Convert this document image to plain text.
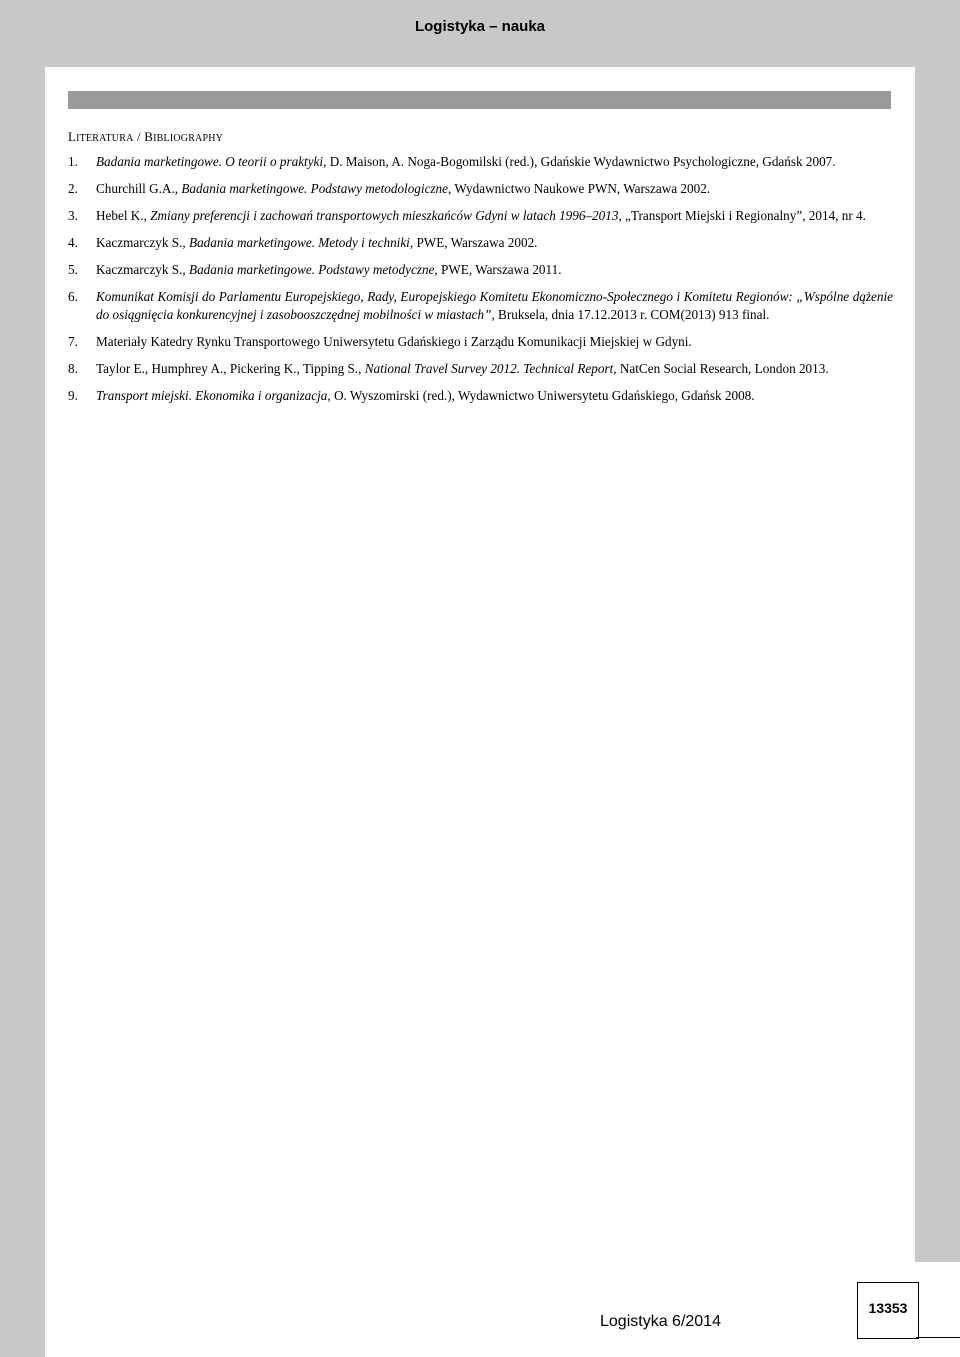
Logistyka – nauka
LITERATURA / BIBLIOGRAPHY
1. Badania marketingowe. O teorii o praktyki, D. Maison, A. Noga-Bogomilski (red.), Gdańskie Wydawnictwo Psychologiczne, Gdańsk 2007.
2. Churchill G.A., Badania marketingowe. Podstawy metodologiczne, Wydawnictwo Naukowe PWN, Warszawa 2002.
3. Hebel K., Zmiany preferencji i zachowań transportowych mieszkańców Gdyni w latach 1996–2013, „Transport Miejski i Regionalny”, 2014, nr 4.
4. Kaczmarczyk S., Badania marketingowe. Metody i techniki, PWE, Warszawa 2002.
5. Kaczmarczyk S., Badania marketingowe. Podstawy metodyczne, PWE, Warszawa 2011.
6. Komunikat Komisji do Parlamentu Europejskiego, Rady, Europejskiego Komitetu Ekonomiczno-Społecznego i Komitetu Regionów: „Wspólne dążenie do osiągnięcia konkurencyjnej i zasobooszczędnej mobilności w miastach”, Bruksela, dnia 17.12.2013 r. COM(2013) 913 final.
7. Materiały Katedry Rynku Transportowego Uniwersytetu Gdańskiego i Zarządu Komunikacji Miejskiej w Gdyni.
8. Taylor E., Humphrey A., Pickering K., Tipping S., National Travel Survey 2012. Technical Report, NatCen Social Research, London 2013.
9. Transport miejski. Ekonomika i organizacja, O. Wyszomirski (red.), Wydawnictwo Uniwersytetu Gdańskiego, Gdańsk 2008.
Logistyka 6/2014
13353
